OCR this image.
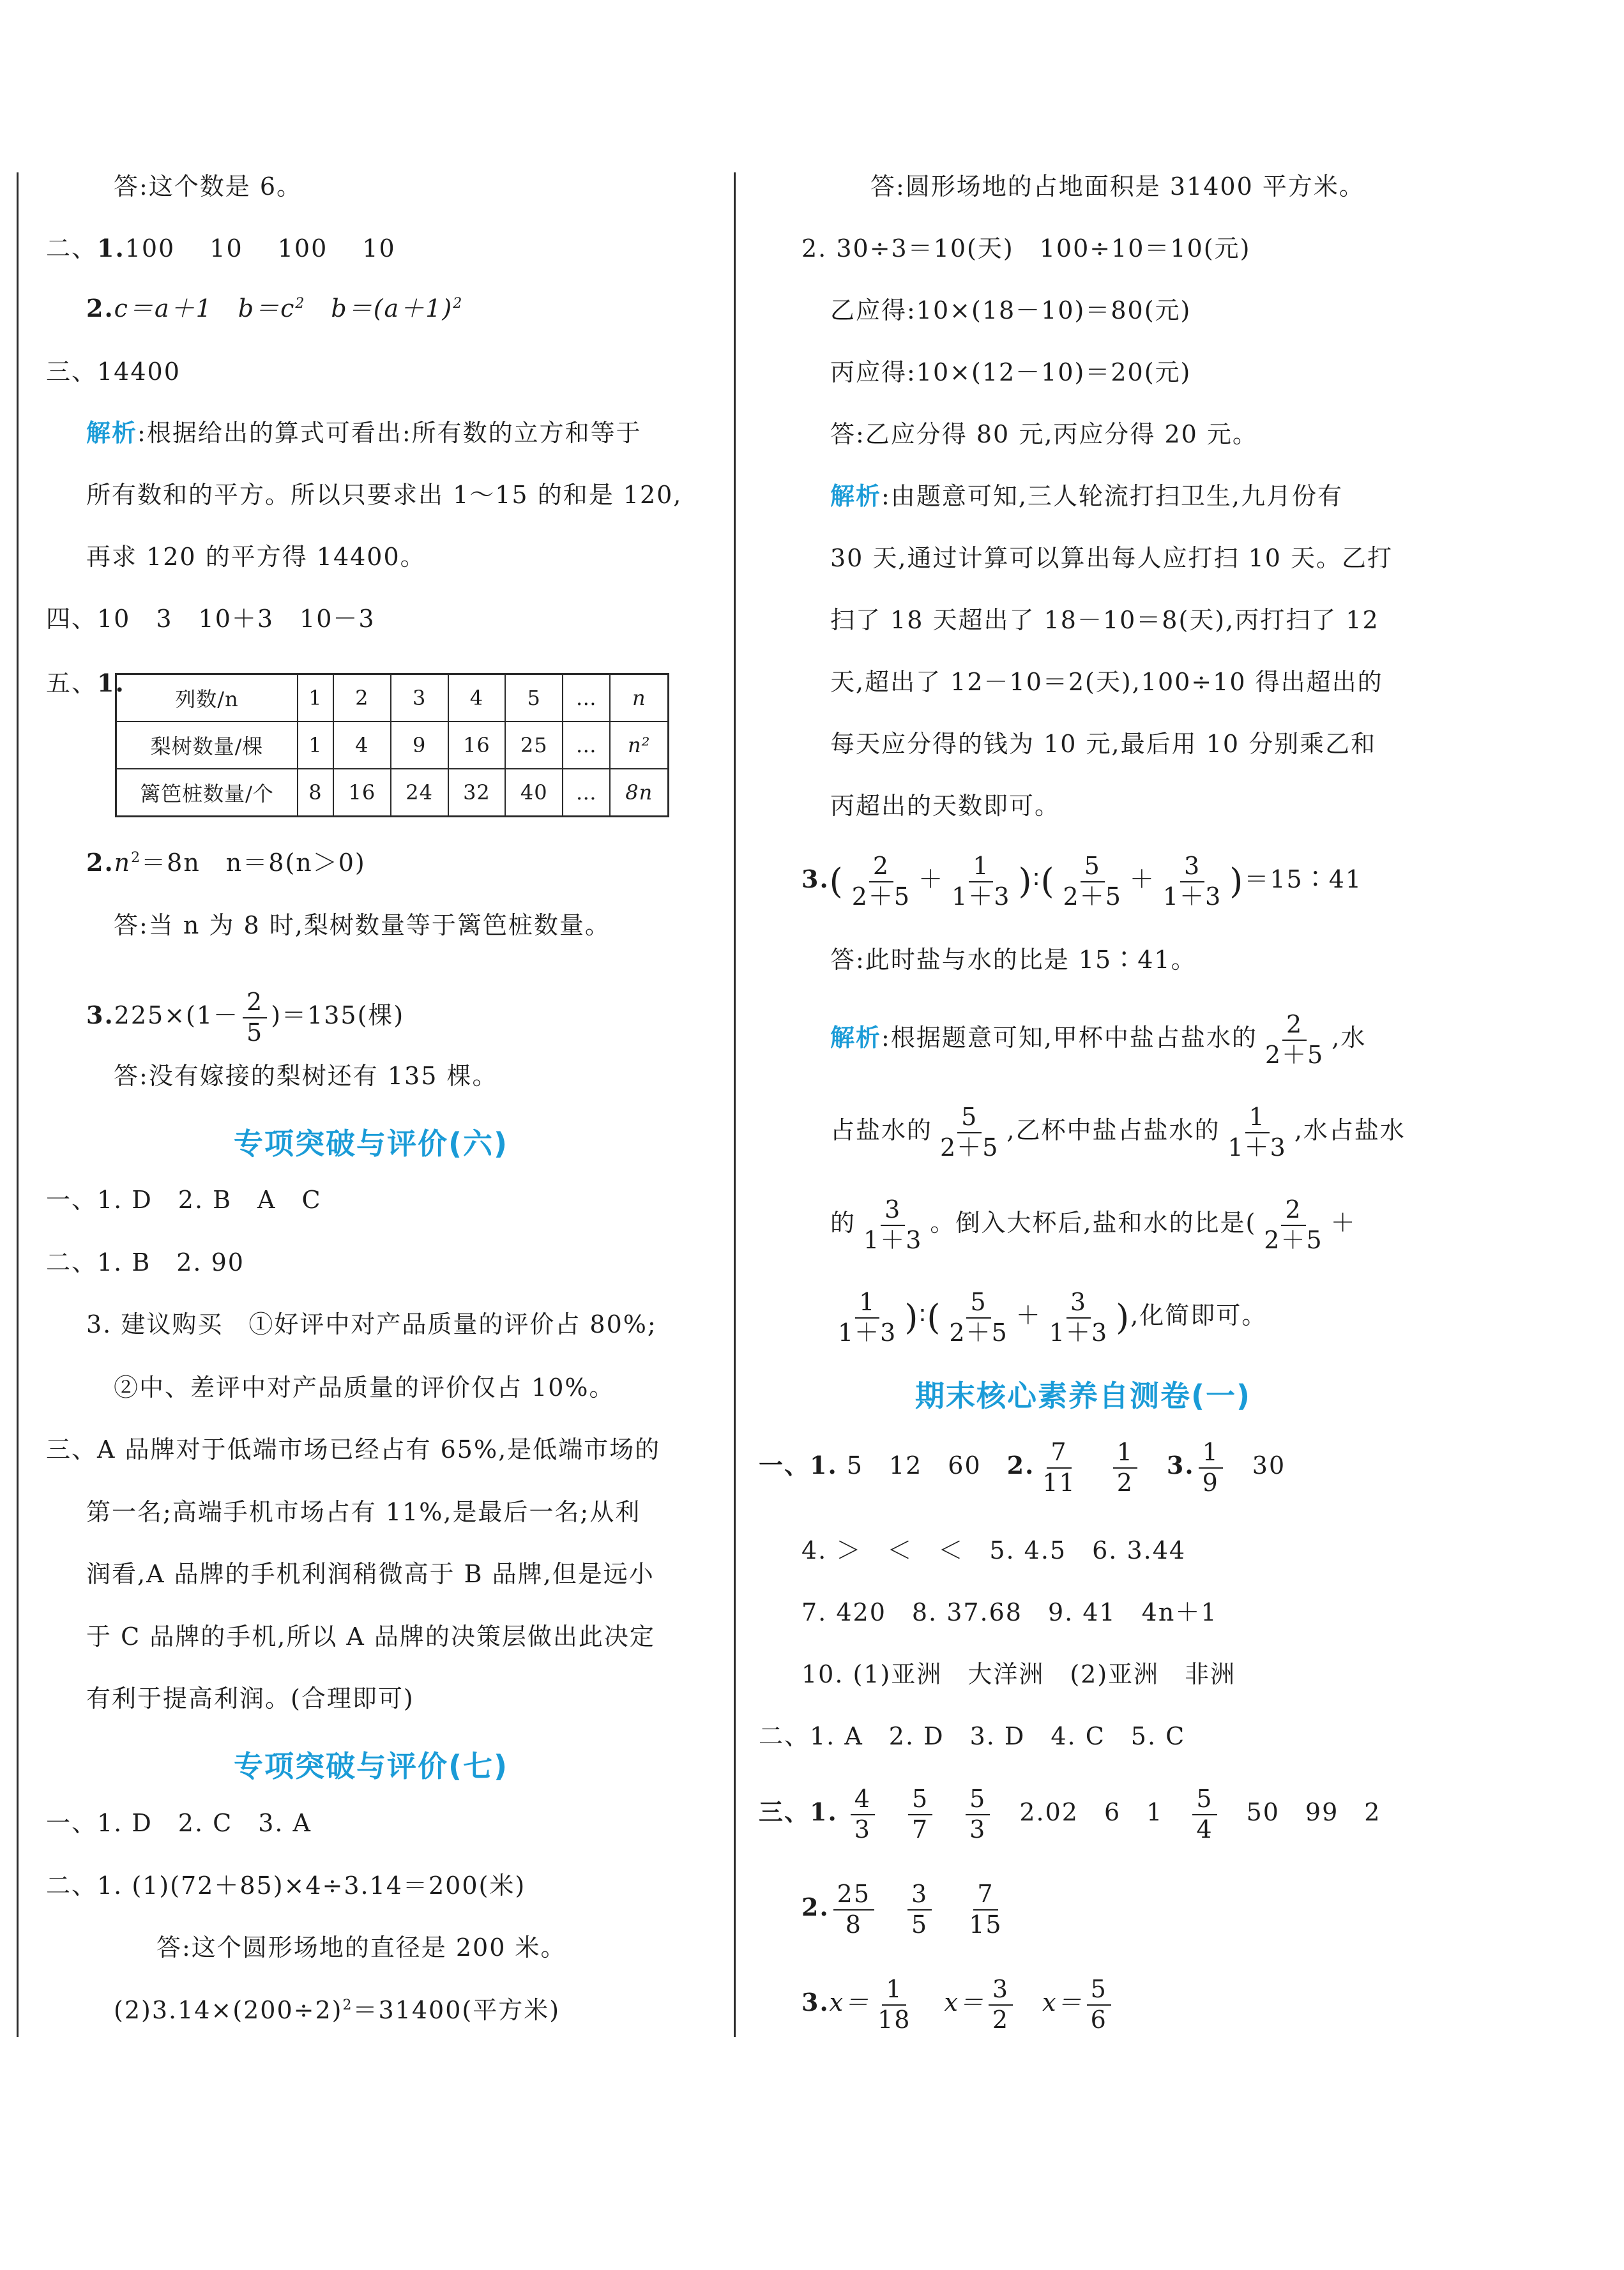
答:这个数是 6。
二、1.100　 10　 100　 10
2.c＝a＋1　$b=c^2$　$b=(a+1)^2$
三、14400
解析:根据给出的算式可看出:所有数的立方和等于
所有数和的平方。所以只要求出 1～15 的和是 120,
再求 120 的平方得 14400。
四、10　3　10＋3　10－3
五、1.
列数/n	1	2	3	4	5	…	n
梨树数量/棵	1	4	9	16	25	…	n²
篱笆桩数量/个	8	16	24	32	40	…	8n
$2.n^2=8n$　n＝8(n＞0)
答:当 n 为 8 时,梨树数量等于篱笆桩数量。
$3.225\times(1- \frac{2}{5} )=135$(棵)
答:没有嫁接的梨树还有 135 棵。
专项突破与评价(六)
一、1. D　2. B　A　C
二、1. B　2. 90
3. 建议购买　①好评中对产品质量的评价占 80%;
②中、差评中对产品质量的评价仅占 10%。
三、A 品牌对于低端市场已经占有 65%,是低端市场的
第一名;高端手机市场占有 11%,是最后一名;从利
润看,A 品牌的手机利润稍微高于 B 品牌,但是远小
于 C 品牌的手机,所以 A 品牌的决策层做出此决定
有利于提高利润。(合理即可)
专项突破与评价(七)
一、1. D　2. C　3. A
二、1. (1)(72＋85)×4÷3.14＝200(米)
答:这个圆形场地的直径是 200 米。
$(2)3.14\times(200\div 2)^2=31400$(平方米)
答:圆形场地的占地面积是 31400 平方米。
2. 30÷3＝10(天)　100÷10＝10(元)
乙应得:10×(18－10)＝80(元)
丙应得:10×(12－10)＝20(元)
答:乙应分得 80 元,丙应分得 20 元。
解析:由题意可知,三人轮流打扫卫生,九月份有
30 天,通过计算可以算出每人应打扫 10 天。乙打
扫了 18 天超出了 18－10＝8(天),丙打扫了 12
天,超出了 12－10＝2(天),100÷10 得出超出的
每天应分得的钱为 10 元,最后用 10 分别乘乙和
丙超出的天数即可。
$3.( \frac{2}{2+5} + \frac{1}{1+3}$ )∶( $\frac{5}{2+5} + \frac{3}{1+3}$ )＝15∶41
答:此时盐与水的比是 15∶41。
解析:根据题意可知,甲杯中盐占盐水的 $\frac{2}{2+5}$ ,水
占盐水的 $\frac{5}{2+5}$ ,乙杯中盐占盐水的 $\frac{1}{1+3}$ ,水占盐水
的 $\frac{3}{1+3}$ 。倒入大杯后,盐和水的比是( $\frac{2}{2+5}$ ＋
$\frac{1}{1+3}$ )∶( $\frac{5}{2+5} + \frac{3}{1+3}$ ),化简即可。
期末核心素养自测卷(一)
一、1. 5　12　60　2. $\frac{7}{11}$
　 $\frac{1}{2}$
　 3. $\frac{1}{9}$
　 30
4. ＞　＜　＜　5. 4.5　6. 3.44
7. 420　8. 37.68　9. 41　4n＋1
10. (1)亚洲　大洋洲　(2)亚洲　非洲
二、1. A　2. D　3. D　4. C　5. C
三、1. $\frac{4}{3}$
　 $\frac{5}{7}$
　 $\frac{5}{3}$
　 2.02　6　1　 $\frac{5}{4}$
　 50　99　2
2. $\frac{25}{8}$
　 $\frac{3}{5}$
　 $\frac{7}{15}$
$3.x= \frac{1}{18}$
　 $x= \frac{3}{2}$
　 $x= \frac{5}{6}$
